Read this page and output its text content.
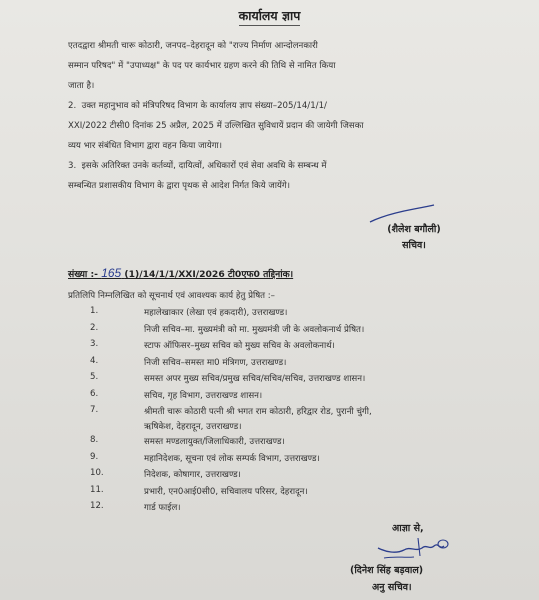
कार्यालय ज्ञाप
एतदद्वारा श्रीमती चारू कोठारी, जनपद–देहरादून को "राज्य निर्माण आन्दोलनकारी
सम्मान परिषद" में "उपाध्यक्ष" के पद पर कार्यभार ग्रहण करने की तिथि से नामित किया
जाता है।
2.  उक्त महानुभाव को मंत्रिपरिषद विभाग के कार्यालय ज्ञाप संख्या–205/14/1/1/
XXI/2022 टीसी0 दिनांक 25 अप्रैल, 2025 में उल्लिखित सुविधायें प्रदान की जायेगी जिसका
व्यय भार संबंधित विभाग द्वारा वहन किया जायेगा।
3.  इसके अतिरिक्त उनके कर्तव्यों, दायित्वों, अधिकारों एवं सेवा अवधि के सम्बन्ध में
सम्बन्धित प्रशासकीय विभाग के द्वारा पृथक से आदेश निर्गत किये जायेंगे।
(शैलेश बगौली)
सचिव।
संख्या :- 165 (1)/14/1/1/XXI/2026 टी0एफ0 तद्दिनांक।
प्रतिलिपि निम्नलिखित को सूचनार्थ एवं आवश्यक कार्य हेतु प्रेषित :–
1.	महालेखाकार (लेखा एवं हकदारी), उत्तराखण्ड।
2.	निजी सचिव–मा. मुख्यमंत्री को मा. मुख्यमंत्री जी के अवलोकनार्थ प्रेषित।
3.	स्टाफ ऑफिसर–मुख्य सचिव को मुख्य सचिव के अवलोकनार्थ।
4.	निजी सचिव–समस्त मा0 मंत्रिगण, उत्तराखण्ड।
5.	समस्त अपर मुख्य सचिव/प्रमुख सचिव/सचिव/सचिव, उत्तराखण्ड शासन।
6.	सचिव, गृह विभाग, उत्तराखण्ड शासन।
7.	श्रीमती चारू कोठारी पत्नी श्री भगत राम कोठारी, हरिद्वार रोड, पुरानी चुंगी,
ऋषिकेश, देहरादून, उत्तराखण्ड।
8.	समस्त मण्डलायुक्त/जिलाधिकारी, उत्तराखण्ड।
9.	महानिदेशक, सूचना एवं लोक सम्पर्क विभाग, उत्तराखण्ड।
10.	निदेशक, कोषागार, उत्तराखण्ड।
11.	प्रभारी, एन0आई0सी0, सचिवालय परिसर, देहरादून।
12.	गार्ड फाईल।
आज्ञा से,
(दिनेश सिंह बड़वाल)
अनु सचिव।
